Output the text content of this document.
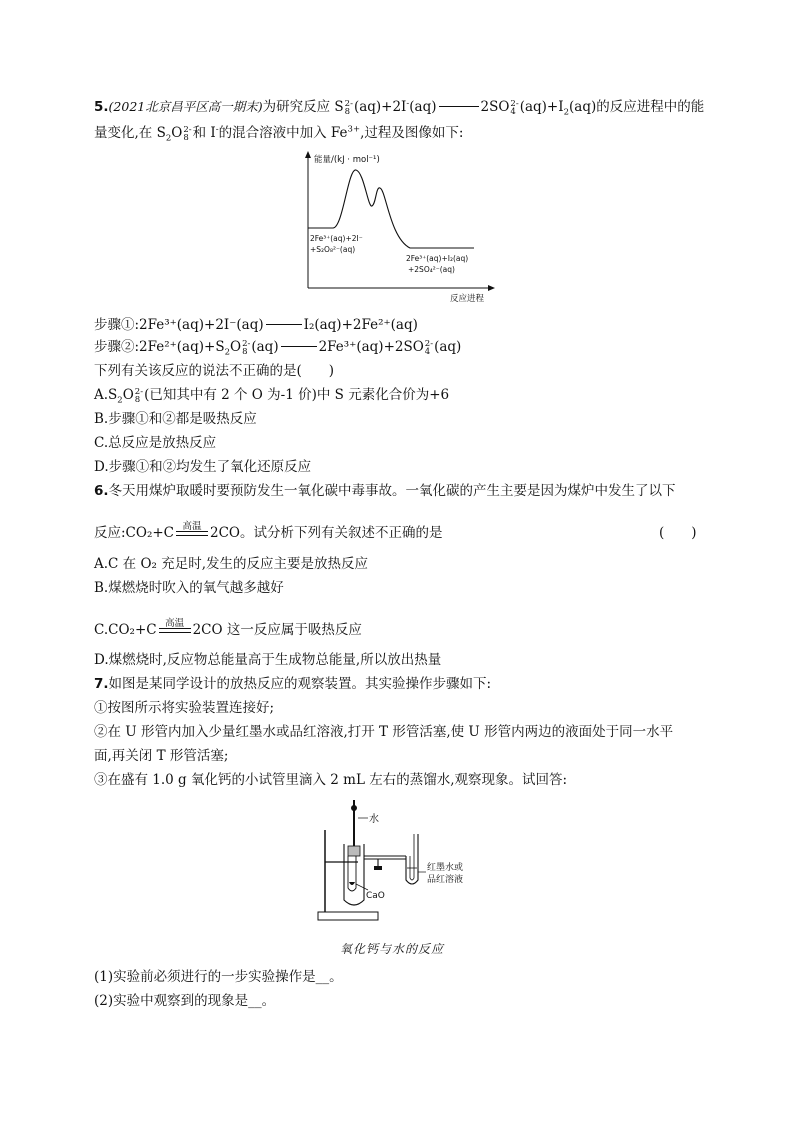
5.(2021北京昌平区高一期末)为研究反应 S 2-
8 (aq)+2I-(aq)	2SO 2-
4 $(aq)+I_2(aq)$的反应进程中的能
量变化,在 $S_2O$ 2-
8 和 I-的混合溶液中加入 $Fe^{3+}$,过程及图像如下:
能量/(kJ · mol⁻¹)
2Fe³⁺(aq)+2I⁻
+S₂O₈²⁻(aq)
2Fe³⁺(aq)+I₂(aq)
+2SO₄²⁻(aq)
反应进程
步骤①:2Fe³⁺(aq)+2I⁻(aq)	I₂(aq)+2Fe²⁺(aq)
步骤$②:2Fe^{2+}(aq)+S_2O$ 2-
8 (aq)	2Fe³⁺(aq)+2SO 2-
4 (aq)
下列有关该反应的说法不正确的是(　　)
$A.S_2O$ 2-
8 (已知其中有 2 个 O 为-1 价)中 S 元素化合价为+6
B.步骤①和②都是吸热反应
C.总反应是放热反应
D.步骤①和②均发生了氧化还原反应
6.冬天用煤炉取暖时要预防发生一氧化碳中毒事故。一氧化碳的产生主要是因为煤炉中发生了以下
反应:CO₂+C 高温 2CO。试分析下列有关叙述不正确的是	(　　)
A.C 在 O₂ 充足时,发生的反应主要是放热反应
B.煤燃烧时吹入的氧气越多越好
C.CO₂+C 高温 2CO 这一反应属于吸热反应
D.煤燃烧时,反应物总能量高于生成物总能量,所以放出热量
7.如图是某同学设计的放热反应的观察装置。其实验操作步骤如下:
①按图所示将实验装置连接好;
②在 U 形管内加入少量红墨水或品红溶液,打开 T 形管活塞,使 U 形管内两边的液面处于同一水平
面,再关闭 T 形管活塞;
③在盛有 1.0 g 氧化钙的小试管里滴入 2 mL 左右的蒸馏水,观察现象。试回答:
水
CaO
红墨水或
品红溶液
氧化钙与水的反应
(1)实验前必须进行的一步实验操作是__。
(2)实验中观察到的现象是__。
